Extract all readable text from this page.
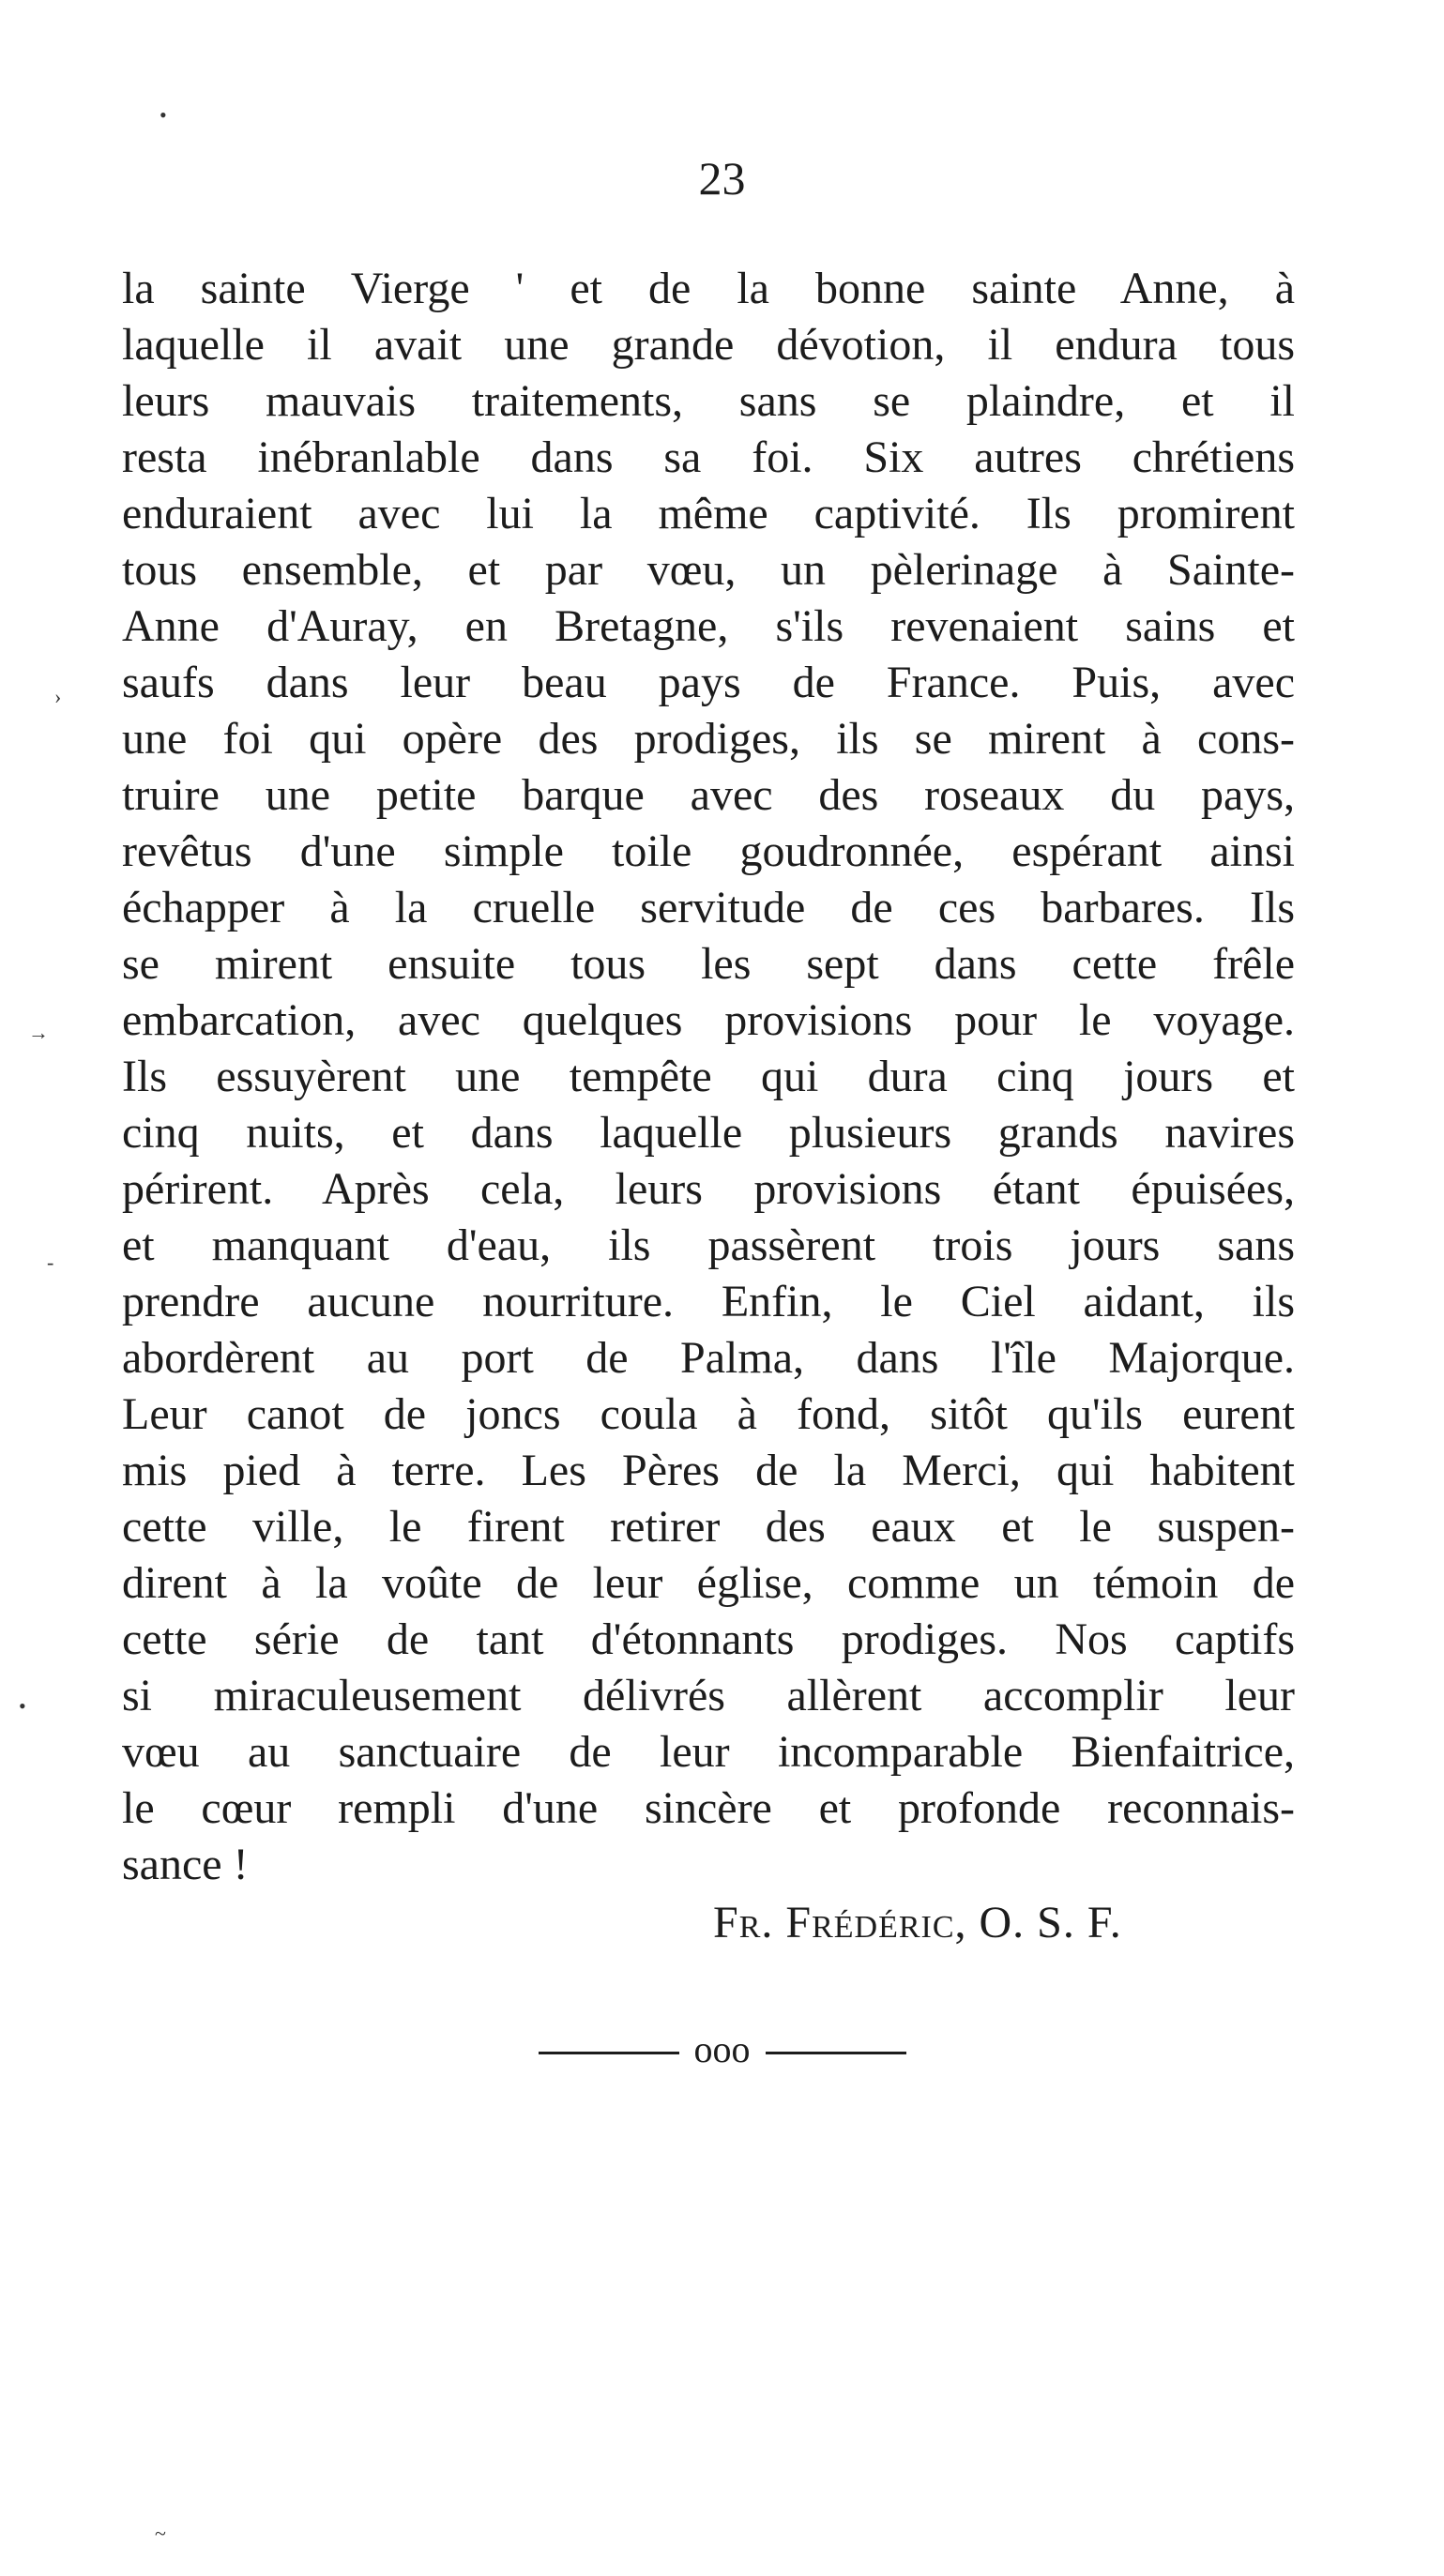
23
la sainte Vierge ' et de la bonne sainte Anne, à
laquelle il avait une grande dévotion, il endura tous
leurs mauvais traitements, sans se plaindre, et il
resta inébranlable dans sa foi. Six autres chrétiens
enduraient avec lui la même captivité. Ils promirent
tous ensemble, et par vœu, un pèlerinage à Sainte-
Anne d'Auray, en Bretagne, s'ils revenaient sains et
saufs dans leur beau pays de France. Puis, avec
une foi qui opère des prodiges, ils se mirent à cons-
truire une petite barque avec des roseaux du pays,
revêtus d'une simple toile goudronnée, espérant ainsi
échapper à la cruelle servitude de ces barbares. Ils
se mirent ensuite tous les sept dans cette frêle
embarcation, avec quelques provisions pour le voyage.
Ils essuyèrent une tempête qui dura cinq jours et
cinq nuits, et dans laquelle plusieurs grands navires
périrent. Après cela, leurs provisions étant épuisées,
et manquant d'eau, ils passèrent trois jours sans
prendre aucune nourriture. Enfin, le Ciel aidant, ils
abordèrent au port de Palma, dans l'île Majorque.
Leur canot de joncs coula à fond, sitôt qu'ils eurent
mis pied à terre. Les Pères de la Merci, qui habitent
cette ville, le firent retirer des eaux et le suspen-
dirent à la voûte de leur église, comme un témoin de
cette série de tant d'étonnants prodiges. Nos captifs
si miraculeusement délivrés allèrent accomplir leur
vœu au sanctuaire de leur incomparable Bienfaitrice,
le cœur rempli d'une sincère et profonde reconnais-
sance !
Fr. Frédéric, O. S. F.
ooo
•
›
→
-
•
~
